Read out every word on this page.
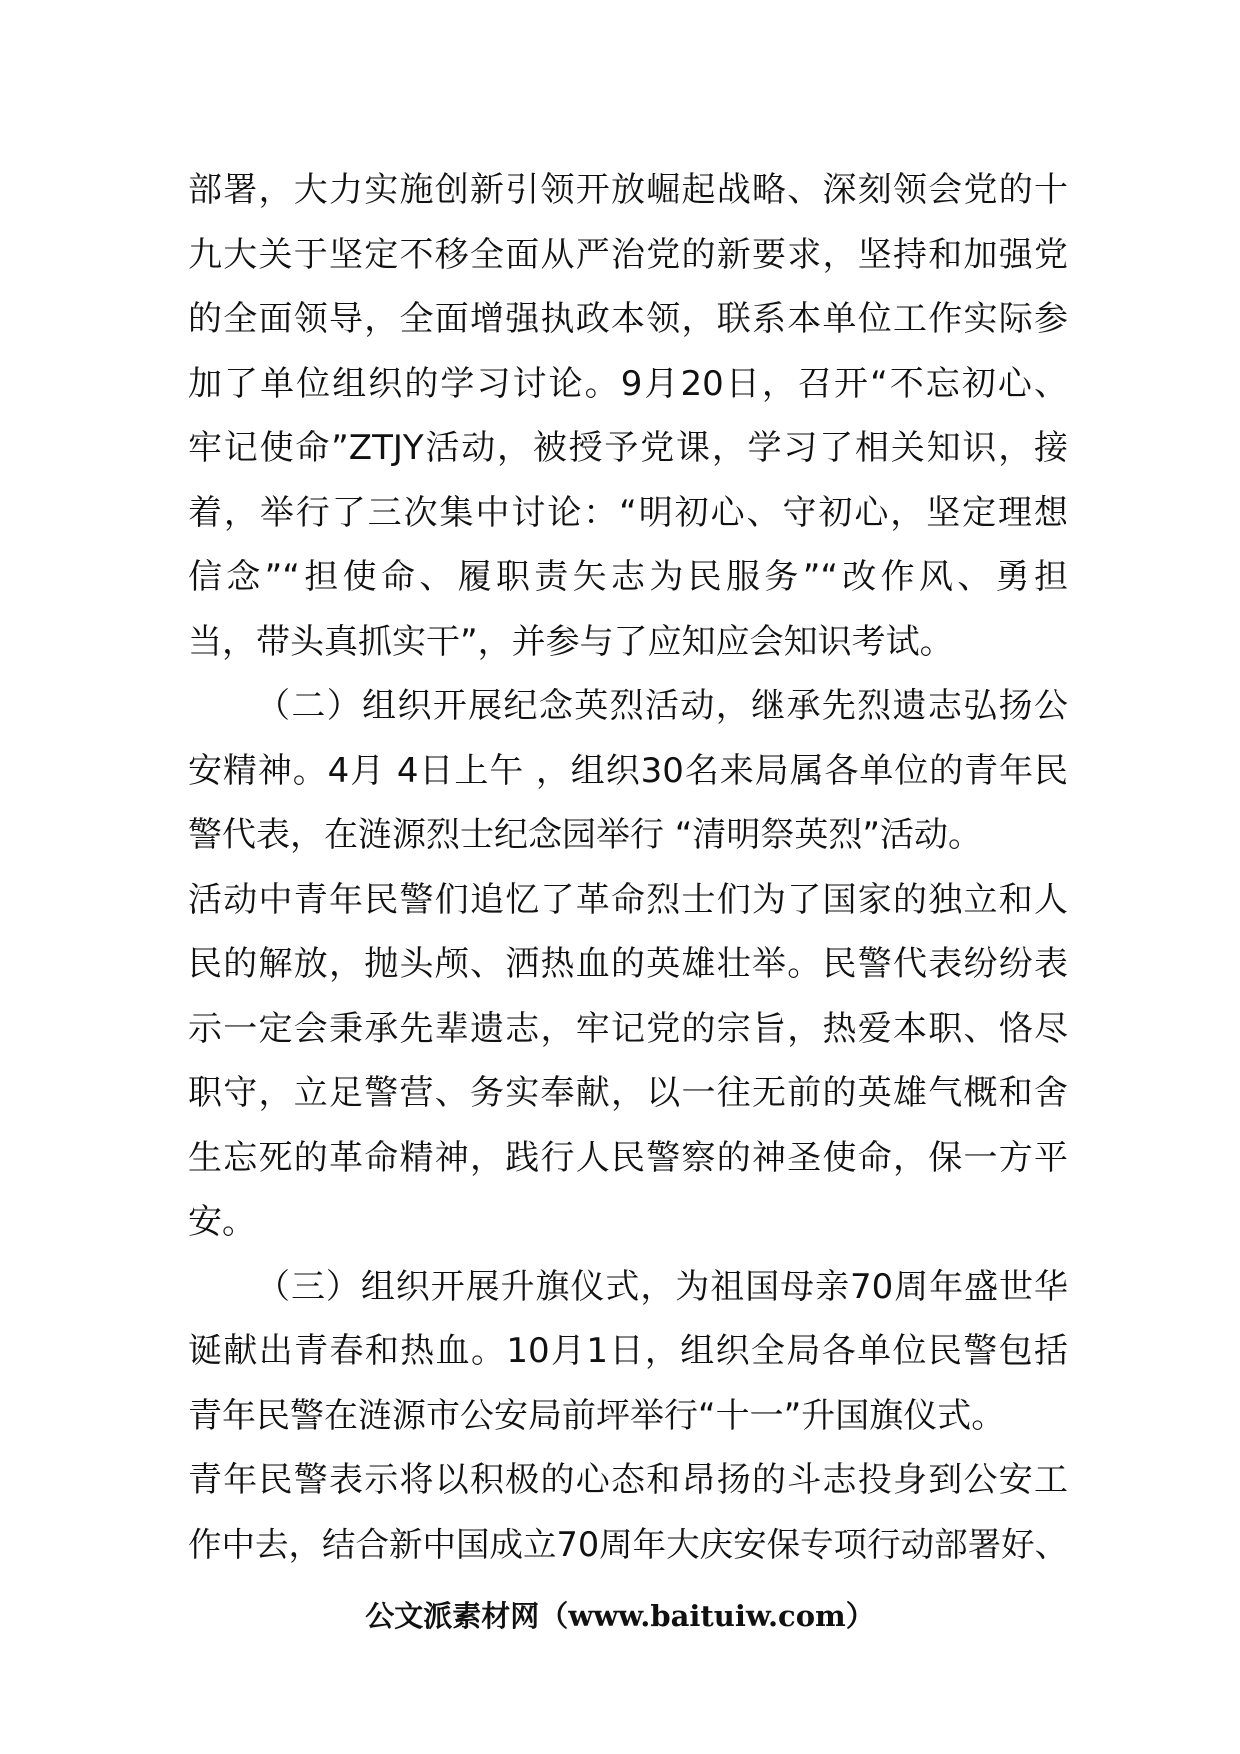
部署，大力实施创新引领开放崛起战略、深刻领会党的十
九大关于坚定不移全面从严治党的新要求，坚持和加强党
的全面领导，全面增强执政本领，联系本单位工作实际参
加了单位组织的学习讨论。9月20日，召开“不忘初心、
牢记使命”ZTJY活动，被授予党课，学习了相关知识，接
着，举行了三次集中讨论：“明初心、守初心，坚定理想
信念”“担使命、履职责矢志为民服务”“改作风、勇担
当，带头真抓实干”，并参与了应知应会知识考试。
（二）组织开展纪念英烈活动，继承先烈遗志弘扬公
安精神。4月 4日上午 ，组织30名来局属各单位的青年民
警代表，在涟源烈士纪念园举行 “清明祭英烈”活动。
活动中青年民警们追忆了革命烈士们为了国家的独立和人
民的解放，抛头颅、洒热血的英雄壮举。民警代表纷纷表
示一定会秉承先辈遗志，牢记党的宗旨，热爱本职、恪尽
职守，立足警营、务实奉献，以一往无前的英雄气概和舍
生忘死的革命精神，践行人民警察的神圣使命，保一方平
安。
（三）组织开展升旗仪式，为祖国母亲70周年盛世华
诞献出青春和热血。10月1日，组织全局各单位民警包括
青年民警在涟源市公安局前坪举行“十一”升国旗仪式。
青年民警表示将以积极的心态和昂扬的斗志投身到公安工
作中去，结合新中国成立70周年大庆安保专项行动部署好、
公文派素材网（www.baituiw.com）
